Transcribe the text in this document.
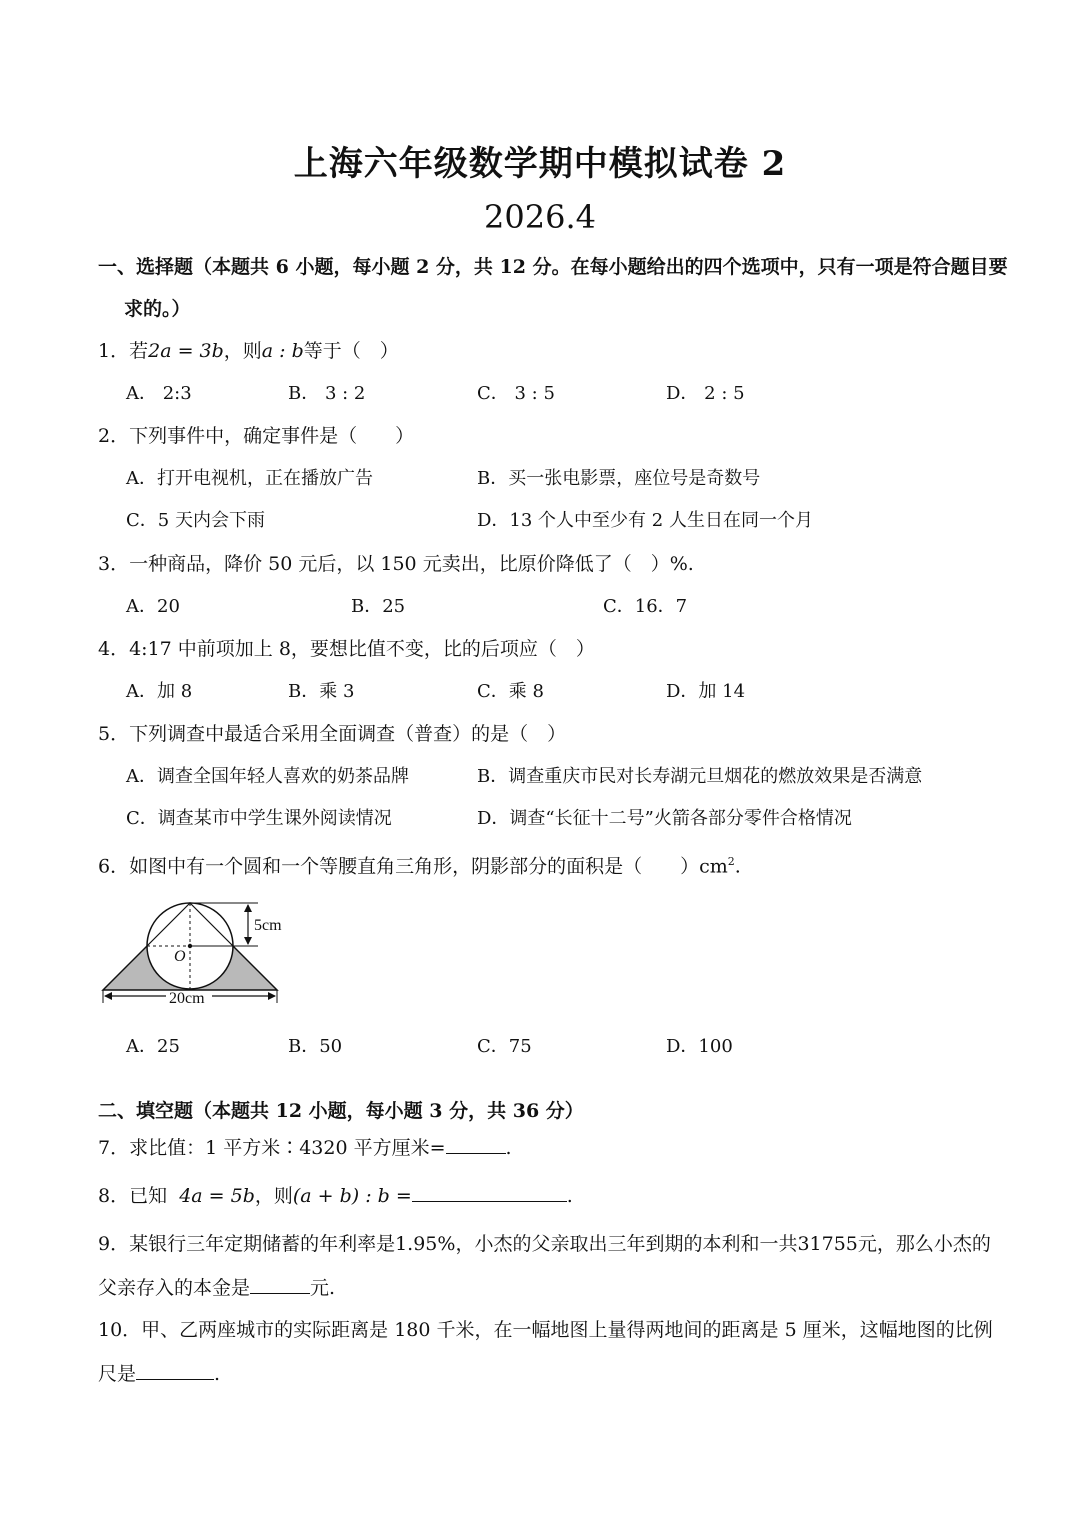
上海六年级数学期中模拟试卷 2
2026.4
一、选择题（本题共 6 小题，每小题 2 分，共 12 分。在每小题给出的四个选项中，只有一项是符合题目要
求的。）
1．若2a = 3b，则a : b等于（　）
A． 2:3	B． 3 : 2	C． 3 : 5	D． 2 : 5
2．下列事件中，确定事件是（　　）
A．打开电视机，正在播放广告	B．买一张电影票，座位号是奇数号
C．5 天内会下雨	D．13 个人中至少有 2 人生日在同一个月
3．一种商品，降价 50 元后，以 150 元卖出，比原价降低了（　）%.
A．20	B．25	C．16．7
4．4:17 中前项加上 8，要想比值不变，比的后项应（　）
A．加 8	B．乘 3	C．乘 8	D．加 14
5．下列调查中最适合采用全面调查（普查）的是（　）
A．调查全国年轻人喜欢的奶茶品牌	B．调查重庆市民对长寿湖元旦烟花的燃放效果是否满意
C．调查某市中学生课外阅读情况	D．调查“长征十二号”火箭各部分零件合格情况
6．如图中有一个圆和一个等腰直角三角形，阴影部分的面积是（　　）$cm^2$.
5cm
O
20cm
A．25	B．50	C．75	D．100
二、填空题（本题共 12 小题，每小题 3 分，共 36 分）
7．求比值：1 平方米∶4320 平方厘米=	.
8．已知 4a = 5b，则(a + b) : b =	.
9．某银行三年定期储蓄的年利率是1.95%，小杰的父亲取出三年到期的本利和一共31755元，那么小杰的
父亲存入的本金是	元.
10．甲、乙两座城市的实际距离是 180 千米，在一幅地图上量得两地间的距离是 5 厘米，这幅地图的比例
尺是	.
